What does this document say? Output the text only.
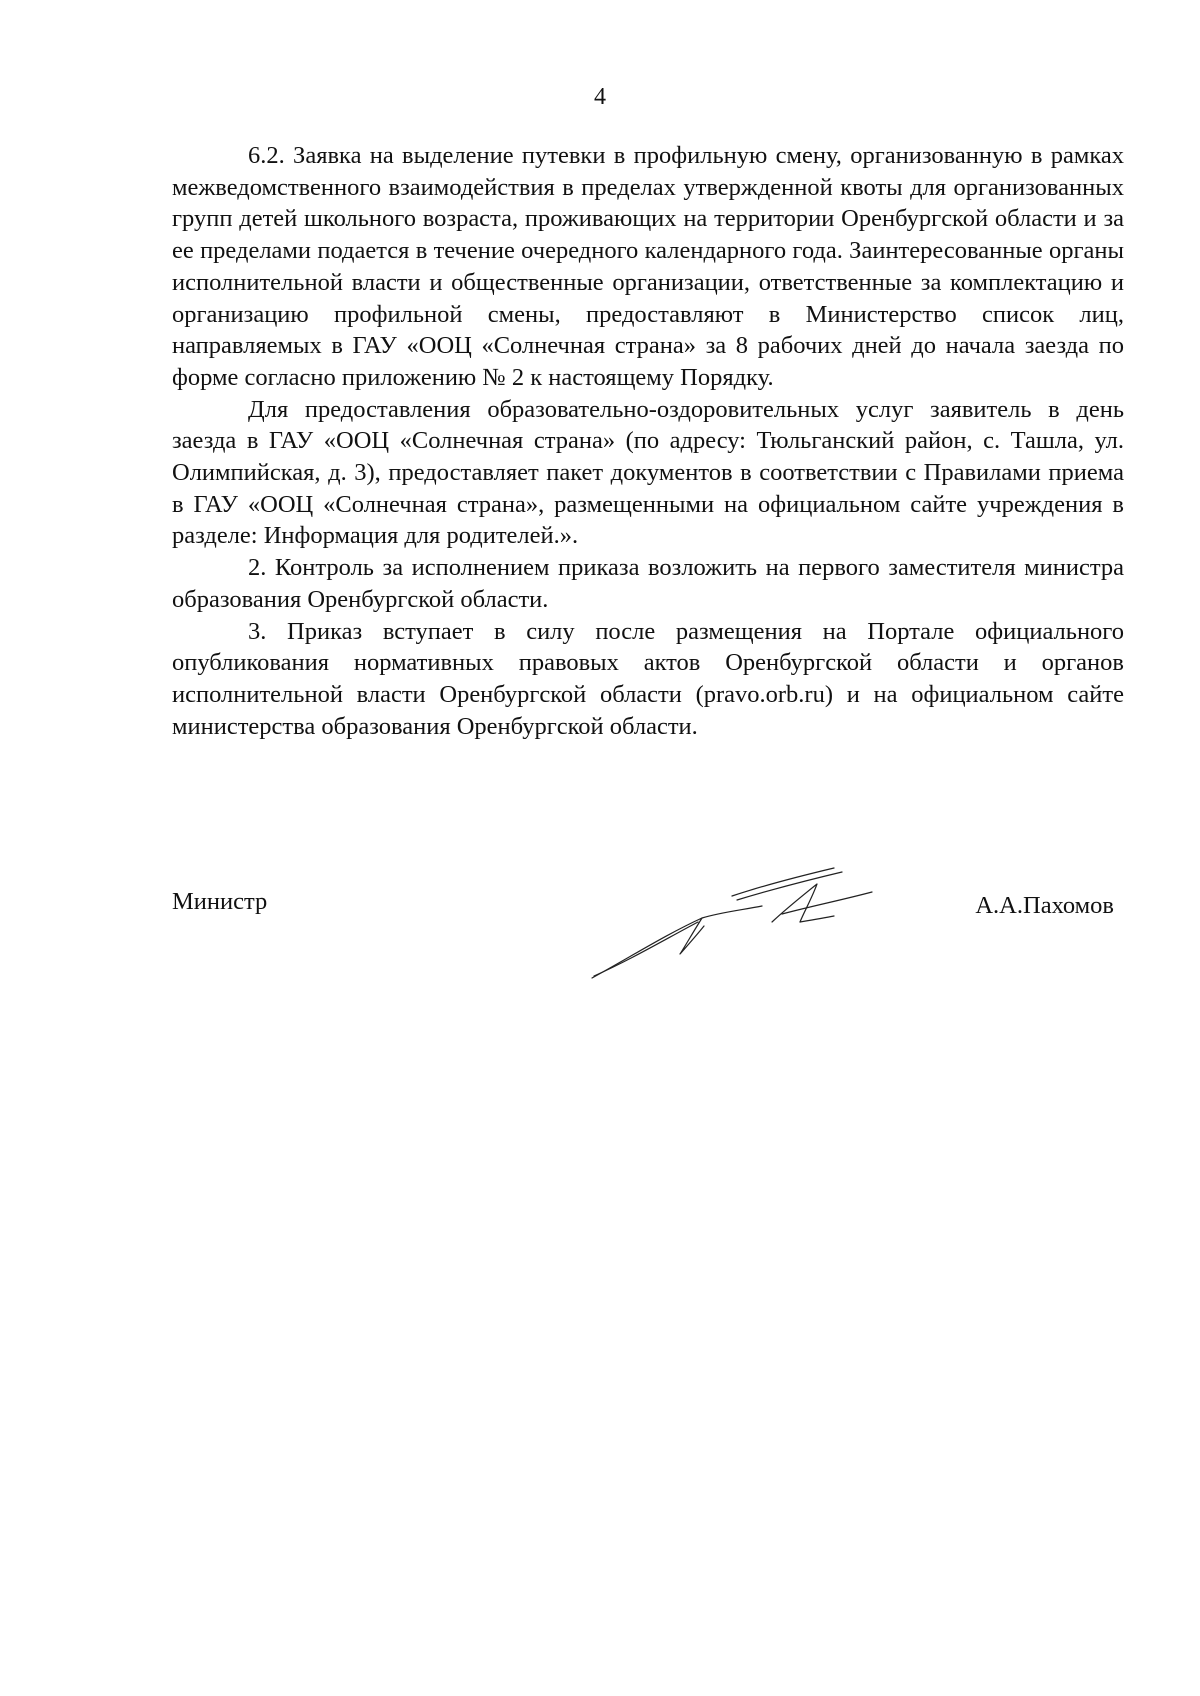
4

6.2. Заявка на выделение путевки в профильную смену, организованную в рамках межведомственного взаимодействия в пределах утвержденной квоты для организованных групп детей школьного возраста, проживающих на территории Оренбургской области и за ее пределами подается в течение очередного календарного года. Заинтересованные органы исполнительной власти и общественные организации, ответственные за комплектацию и организацию профильной смены, предоставляют в Министерство список лиц, направляемых в ГАУ «ООЦ «Солнечная страна» за 8 рабочих дней до начала заезда по форме согласно приложению № 2 к настоящему Порядку.

Для предоставления образовательно-оздоровительных услуг заявитель в день заезда в ГАУ «ООЦ «Солнечная страна» (по адресу: Тюльганский район, с. Ташла, ул. Олимпийская, д. 3), предоставляет пакет документов в соответствии с Правилами приема в ГАУ «ООЦ «Солнечная страна», размещенными на официальном сайте учреждения в разделе: Информация для родителей.».

2. Контроль за исполнением приказа возложить на первого заместителя министра образования Оренбургской области.

3. Приказ вступает в силу после размещения на Портале официального опубликования нормативных правовых актов Оренбургской области и органов исполнительной власти Оренбургской области (pravo.orb.ru) и на официальном сайте министерства образования Оренбургской области.

Министр	А.А.Пахомов
